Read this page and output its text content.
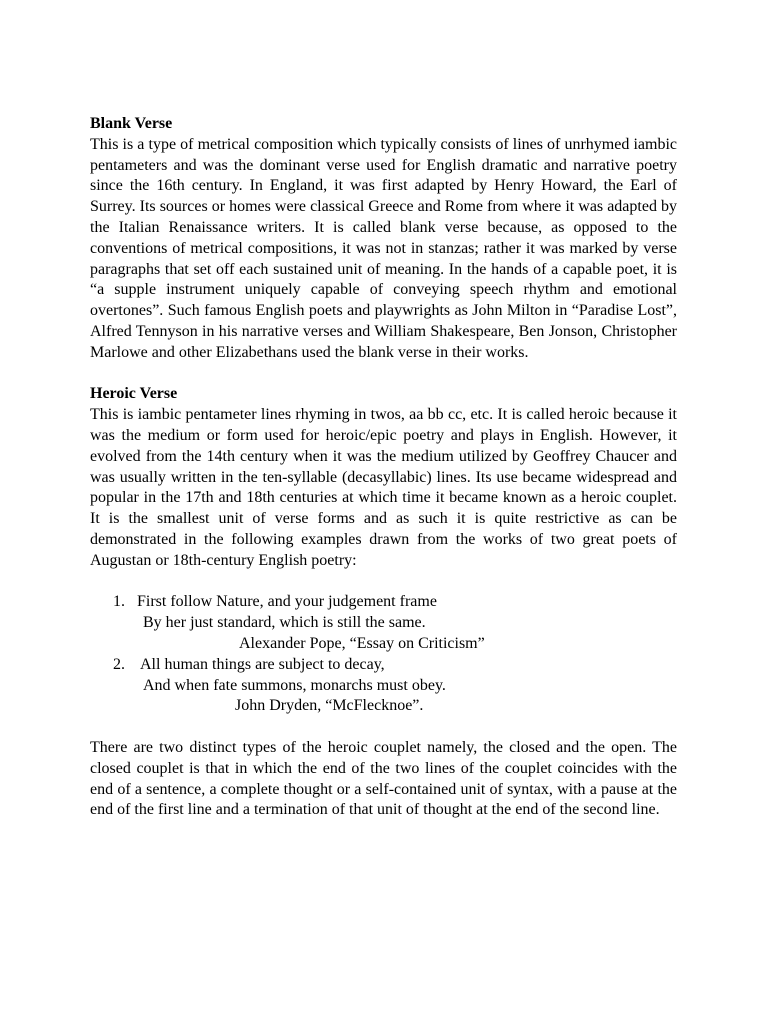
Blank Verse

This is a type of metrical composition which typically consists of lines of unrhymed iambic pentameters and was the dominant verse used for English dramatic and narrative poetry since the 16th century. In England, it was first adapted by Henry Howard, the Earl of Surrey. Its sources or homes were classical Greece and Rome from where it was adapted by the Italian Renaissance writers. It is called blank verse because, as opposed to the conventions of metrical compositions, it was not in stanzas; rather it was marked by verse paragraphs that set off each sustained unit of meaning. In the hands of a capable poet, it is “a supple instrument uniquely capable of conveying speech rhythm and emotional overtones”. Such famous English poets and playwrights as John Milton in “Paradise Lost”, Alfred Tennyson in his narrative verses and William Shakespeare, Ben Jonson, Christopher Marlowe and other Elizabethans used the blank verse in their works.

Heroic Verse

This is iambic pentameter lines rhyming in twos, aa bb cc, etc. It is called heroic because it was the medium or form used for heroic/epic poetry and plays in English. However, it evolved from the 14th century when it was the medium utilized by Geoffrey Chaucer and was usually written in the ten-syllable (decasyllabic) lines. Its use became widespread and popular in the 17th and 18th centuries at which time it became known as a heroic couplet. It is the smallest unit of verse forms and as such it is quite restrictive as can be demonstrated in the following examples drawn from the works of two great poets of Augustan or 18th-century English poetry:

1. First follow Nature, and your judgement frame
By her just standard, which is still the same.
Alexander Pope, “Essay on Criticism”
2. All human things are subject to decay,
And when fate summons, monarchs must obey.
John Dryden, “McFlecknoe”.

There are two distinct types of the heroic couplet namely, the closed and the open. The closed couplet is that in which the end of the two lines of the couplet coincides with the end of a sentence, a complete thought or a self-contained unit of syntax, with a pause at the end of the first line and a termination of that unit of thought at the end of the second line.
